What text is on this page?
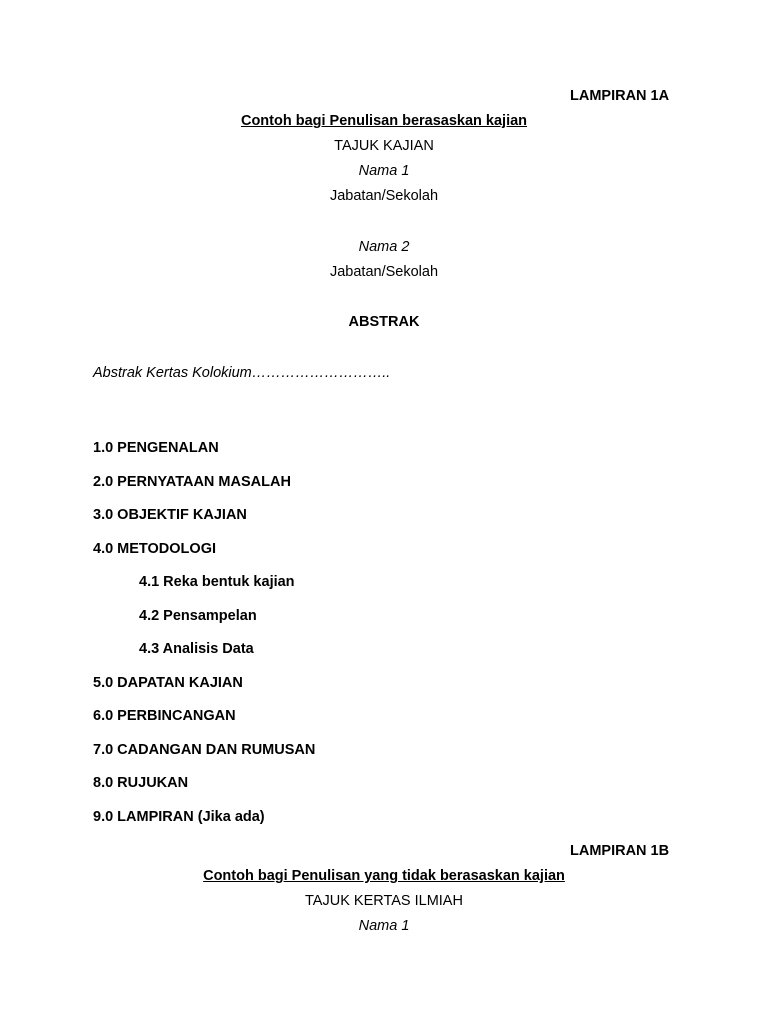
LAMPIRAN 1A
Contoh bagi Penulisan berasaskan kajian
TAJUK KAJIAN
Nama 1
Jabatan/Sekolah
Nama 2
Jabatan/Sekolah
ABSTRAK
Abstrak Kertas Kolokium………………………..
1.0 PENGENALAN
2.0 PERNYATAAN MASALAH
3.0 OBJEKTIF KAJIAN
4.0 METODOLOGI
4.1 Reka bentuk kajian
4.2 Pensampelan
4.3 Analisis Data
5.0 DAPATAN KAJIAN
6.0 PERBINCANGAN
7.0 CADANGAN DAN RUMUSAN
8.0 RUJUKAN
9.0 LAMPIRAN (Jika ada)
LAMPIRAN 1B
Contoh bagi Penulisan yang tidak berasaskan kajian
TAJUK KERTAS ILMIAH
Nama 1
